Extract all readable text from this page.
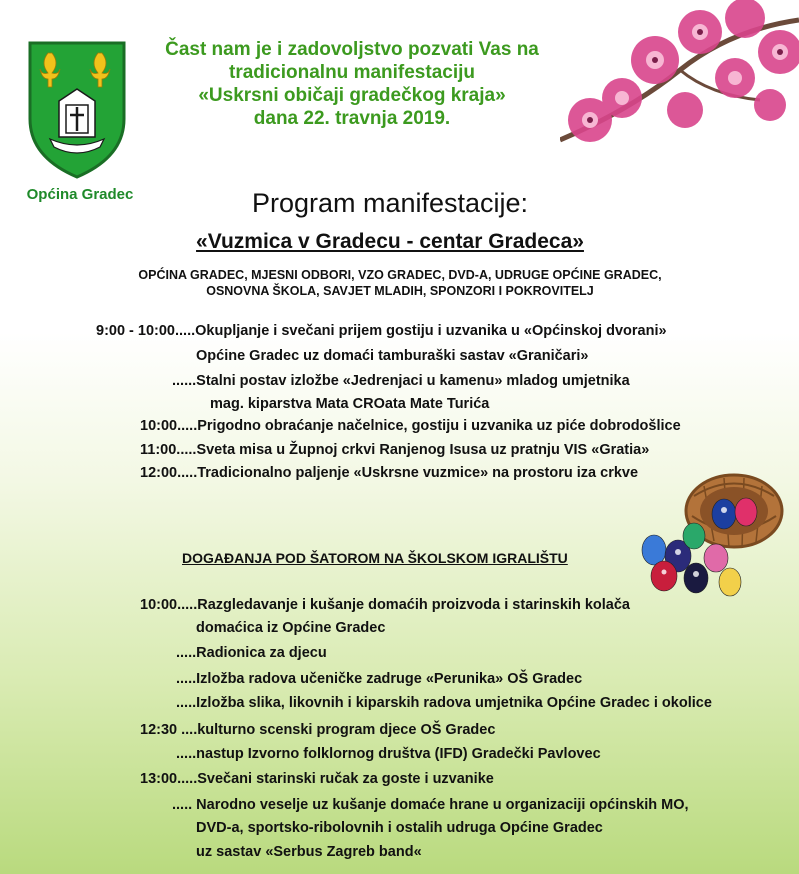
Općina Gradec
Čast nam je i zadovoljstvo pozvati Vas na
tradicionalnu manifestaciju
«Uskrsni običaji gradečkog kraja»
dana 22. travnja 2019.
Program manifestacije:
«Vuzmica v Gradecu - centar Gradeca»
OPĆINA GRADEC, MJESNI ODBORI, VZO GRADEC, DVD-A, UDRUGE OPĆINE GRADEC,
OSNOVNA ŠKOLA, SAVJET MLADIH, SPONZORI I POKROVITELJ
9:00 - 10:00.....Okupljanje i svečani prijem gostiju i uzvanika u «Općinskoj dvorani»
Općine Gradec uz domaći tamburaški sastav «Graničari»
......Stalni postav izložbe «Jedrenjaci u kamenu» mladog umjetnika
mag. kiparstva Mata CROata Mate Turića
10:00.....Prigodno obraćanje načelnice, gostiju i uzvanika uz piće dobrodošlice
11:00.....Sveta misa u Župnoj crkvi Ranjenog Isusa uz pratnju VIS «Gratia»
12:00.....Tradicionalno paljenje «Uskrsne vuzmice» na prostoru iza crkve
DOGAĐANJA POD ŠATOROM NA ŠKOLSKOM IGRALIŠTU
10:00.....Razgledavanje i kušanje domaćih proizvoda i starinskih kolača
domaćica iz Općine Gradec
.....Radionica za djecu
.....Izložba radova učeničke zadruge «Perunika» OŠ Gradec
.....Izložba slika, likovnih i kiparskih radova umjetnika Općine Gradec i okolice
12:30 ....kulturno scenski program djece OŠ Gradec
.....nastup Izvorno folklornog društva (IFD) Gradečki Pavlovec
13:00.....Svečani starinski ručak za goste i uzvanike
..... Narodno veselje uz kušanje domaće hrane u organizaciji općinskih MO,
DVD-a, sportsko-ribolovnih i ostalih udruga Općine Gradec
uz sastav «Serbus Zagreb band«
